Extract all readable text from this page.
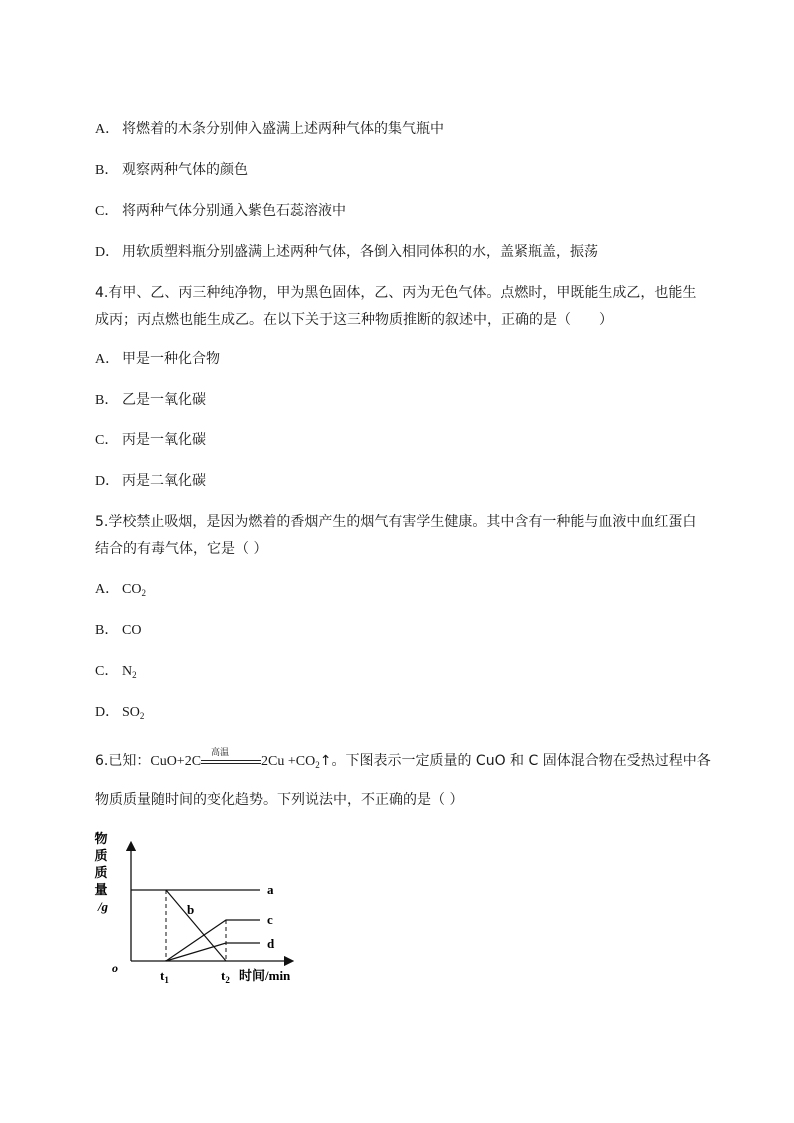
A． 将燃着的木条分别伸入盛满上述两种气体的集气瓶中
B． 观察两种气体的颜色
C． 将两种气体分别通入紫色石蕊溶液中
D． 用软质塑料瓶分别盛满上述两种气体，各倒入相同体积的水，盖紧瓶盖，振荡
4.有甲、乙、丙三种纯净物，甲为黑色固体，乙、丙为无色气体。点燃时，甲既能生成乙，也能生
成丙；丙点燃也能生成乙。在以下关于这三种物质推断的叙述中，正确的是（　　）
A． 甲是一种化合物
B． 乙是一氧化碳
C． 丙是一氧化碳
D． 丙是二氧化碳
5.学校禁止吸烟，是因为燃着的香烟产生的烟气有害学生健康。其中含有一种能与血液中血红蛋白
结合的有毒气体，它是（ ）
A． $CO_2$
B． CO
C． $N_2$
D． $SO_2$
6.已知：CuO+2C
高温
$2Cu +CO_2↑$。下图表示一定质量的 CuO 和 C 固体混合物在受热过程中各
物质质量随时间的变化趋势。下列说法中，不正确的是（ ）
物
质
质
量
/g
o
a
b
c
d
$t_1$	$t_2$ 时间/min
